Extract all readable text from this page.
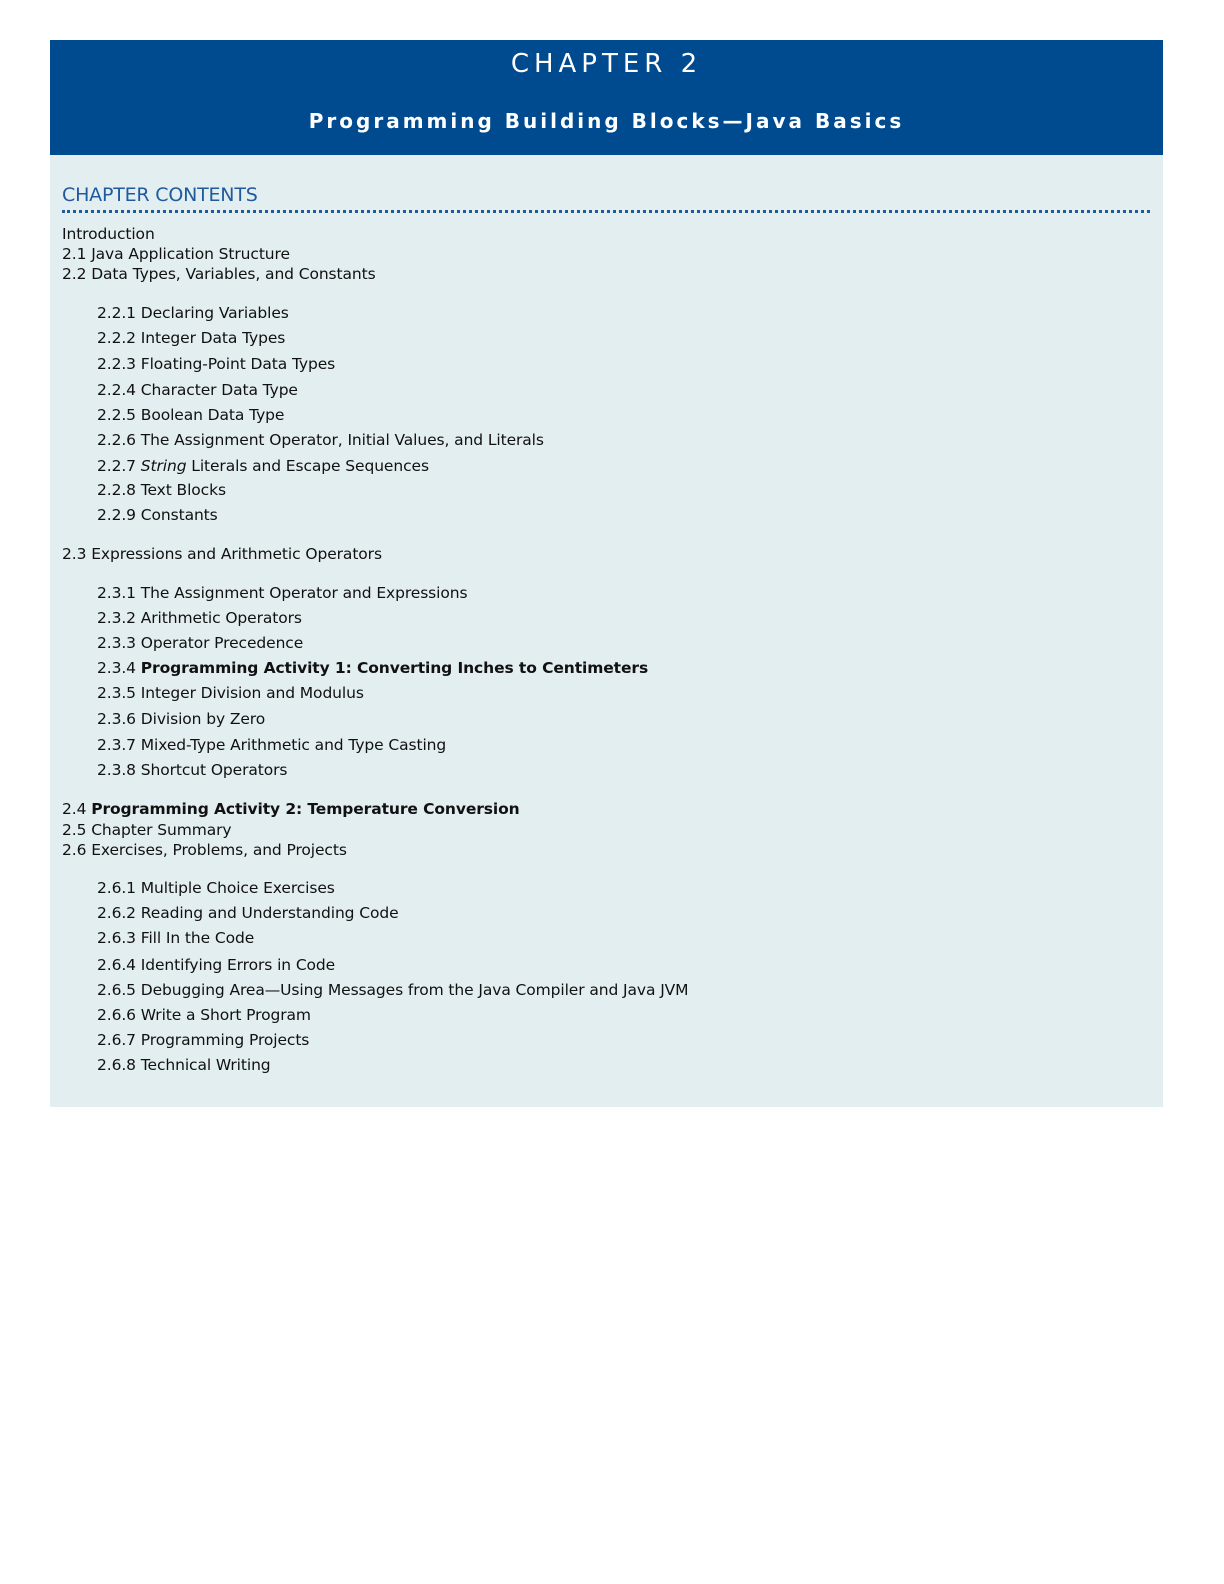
CHAPTER 2
Programming Building Blocks—Java Basics
CHAPTER CONTENTS
Introduction
2.1 Java Application Structure
2.2 Data Types, Variables, and Constants
2.2.1 Declaring Variables
2.2.2 Integer Data Types
2.2.3 Floating-Point Data Types
2.2.4 Character Data Type
2.2.5 Boolean Data Type
2.2.6 The Assignment Operator, Initial Values, and Literals
2.2.7 String Literals and Escape Sequences
2.2.8 Text Blocks
2.2.9 Constants
2.3 Expressions and Arithmetic Operators
2.3.1 The Assignment Operator and Expressions
2.3.2 Arithmetic Operators
2.3.3 Operator Precedence
2.3.4 Programming Activity 1: Converting Inches to Centimeters
2.3.5 Integer Division and Modulus
2.3.6 Division by Zero
2.3.7 Mixed-Type Arithmetic and Type Casting
2.3.8 Shortcut Operators
2.4 Programming Activity 2: Temperature Conversion
2.5 Chapter Summary
2.6 Exercises, Problems, and Projects
2.6.1 Multiple Choice Exercises
2.6.2 Reading and Understanding Code
2.6.3 Fill In the Code
2.6.4 Identifying Errors in Code
2.6.5 Debugging Area—Using Messages from the Java Compiler and Java JVM
2.6.6 Write a Short Program
2.6.7 Programming Projects
2.6.8 Technical Writing
